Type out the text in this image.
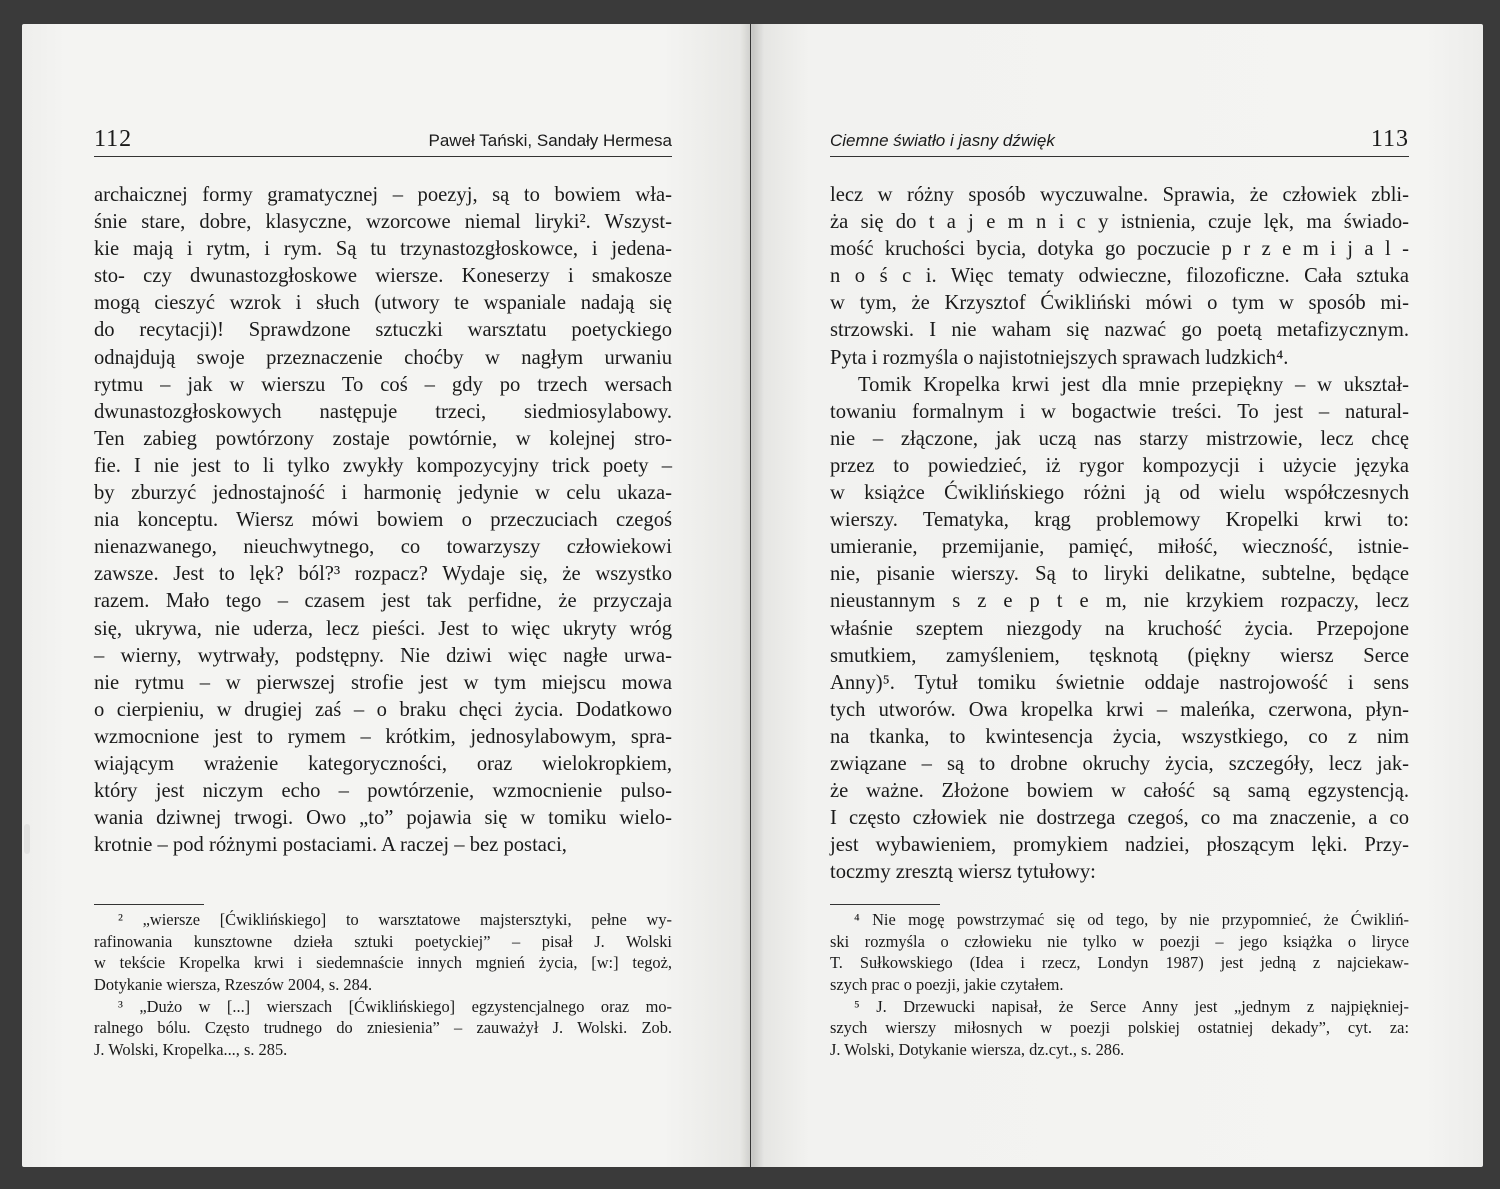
112	Paweł Tański, Sandały Hermesa
archaicznej formy gramatycznej – poezyj, są to bowiem wła-
śnie stare, dobre, klasyczne, wzorcowe niemal liryki². Wszyst-
kie mają i rytm, i rym. Są tu trzynastozgłoskowce, i jedena-
sto- czy dwunastozgłoskowe wiersze. Koneserzy i smakosze
mogą cieszyć wzrok i słuch (utwory te wspaniale nadają się
do recytacji)! Sprawdzone sztuczki warsztatu poetyckiego
odnajdują swoje przeznaczenie choćby w nagłym urwaniu
rytmu – jak w wierszu To coś – gdy po trzech wersach
dwunastozgłoskowych następuje trzeci, siedmiosylabowy.
Ten zabieg powtórzony zostaje powtórnie, w kolejnej stro-
fie. I nie jest to li tylko zwykły kompozycyjny trick poety –
by zburzyć jednostajność i harmonię jedynie w celu ukaza-
nia konceptu. Wiersz mówi bowiem o przeczuciach czegoś
nienazwanego, nieuchwytnego, co towarzyszy człowiekowi
zawsze. Jest to lęk? ból?³ rozpacz? Wydaje się, że wszystko
razem. Mało tego – czasem jest tak perfidne, że przyczaja
się, ukrywa, nie uderza, lecz pieści. Jest to więc ukryty wróg
– wierny, wytrwały, podstępny. Nie dziwi więc nagłe urwa-
nie rytmu – w pierwszej strofie jest w tym miejscu mowa
o cierpieniu, w drugiej zaś – o braku chęci życia. Dodatkowo
wzmocnione jest to rymem – krótkim, jednosylabowym, spra-
wiającym wrażenie kategoryczności, oraz wielokropkiem,
który jest niczym echo – powtórzenie, wzmocnienie pulso-
wania dziwnej trwogi. Owo „to” pojawia się w tomiku wielo-
krotnie – pod różnymi postaciami. A raczej – bez postaci,
² „wiersze [Ćwiklińskiego] to warsztatowe majstersztyki, pełne wy-
rafinowania kunsztowne dzieła sztuki poetyckiej” – pisał J. Wolski
w tekście Kropelka krwi i siedemnaście innych mgnień życia, [w:] tegoż,
Dotykanie wiersza, Rzeszów 2004, s. 284.
³ „Dużo w [...] wierszach [Ćwiklińskiego] egzystencjalnego oraz mo-
ralnego bólu. Często trudnego do zniesienia” – zauważył J. Wolski. Zob.
J. Wolski, Kropelka..., s. 285.
Ciemne światło i jasny dźwięk	113
lecz w różny sposób wyczuwalne. Sprawia, że człowiek zbli-
ża się do t a j e m n i c y istnienia, czuje lęk, ma świado-
mość kruchości bycia, dotyka go poczucie p r z e m i j a l -
n o ś c i. Więc tematy odwieczne, filozoficzne. Cała sztuka
w tym, że Krzysztof Ćwikliński mówi o tym w sposób mi-
strzowski. I nie waham się nazwać go poetą metafizycznym.
Pyta i rozmyśla o najistotniejszych sprawach ludzkich⁴.
Tomik Kropelka krwi jest dla mnie przepiękny – w ukształ-
towaniu formalnym i w bogactwie treści. To jest – natural-
nie – złączone, jak uczą nas starzy mistrzowie, lecz chcę
przez to powiedzieć, iż rygor kompozycji i użycie języka
w książce Ćwiklińskiego różni ją od wielu współczesnych
wierszy. Tematyka, krąg problemowy Kropelki krwi to:
umieranie, przemijanie, pamięć, miłość, wieczność, istnie-
nie, pisanie wierszy. Są to liryki delikatne, subtelne, będące
nieustannym s z e p t e m, nie krzykiem rozpaczy, lecz
właśnie szeptem niezgody na kruchość życia. Przepojone
smutkiem, zamyśleniem, tęsknotą (piękny wiersz Serce
Anny)⁵. Tytuł tomiku świetnie oddaje nastrojowość i sens
tych utworów. Owa kropelka krwi – maleńka, czerwona, płyn-
na tkanka, to kwintesencja życia, wszystkiego, co z nim
związane – są to drobne okruchy życia, szczegóły, lecz jak-
że ważne. Złożone bowiem w całość są samą egzystencją.
I często człowiek nie dostrzega czegoś, co ma znaczenie, a co
jest wybawieniem, promykiem nadziei, płoszącym lęki. Przy-
toczmy zresztą wiersz tytułowy:
⁴ Nie mogę powstrzymać się od tego, by nie przypomnieć, że Ćwikliń-
ski rozmyśla o człowieku nie tylko w poezji – jego książka o liryce
T. Sułkowskiego (Idea i rzecz, Londyn 1987) jest jedną z najciekaw-
szych prac o poezji, jakie czytałem.
⁵ J. Drzewucki napisał, że Serce Anny jest „jednym z najpiękniej-
szych wierszy miłosnych w poezji polskiej ostatniej dekady”, cyt. za:
J. Wolski, Dotykanie wiersza, dz.cyt., s. 286.
